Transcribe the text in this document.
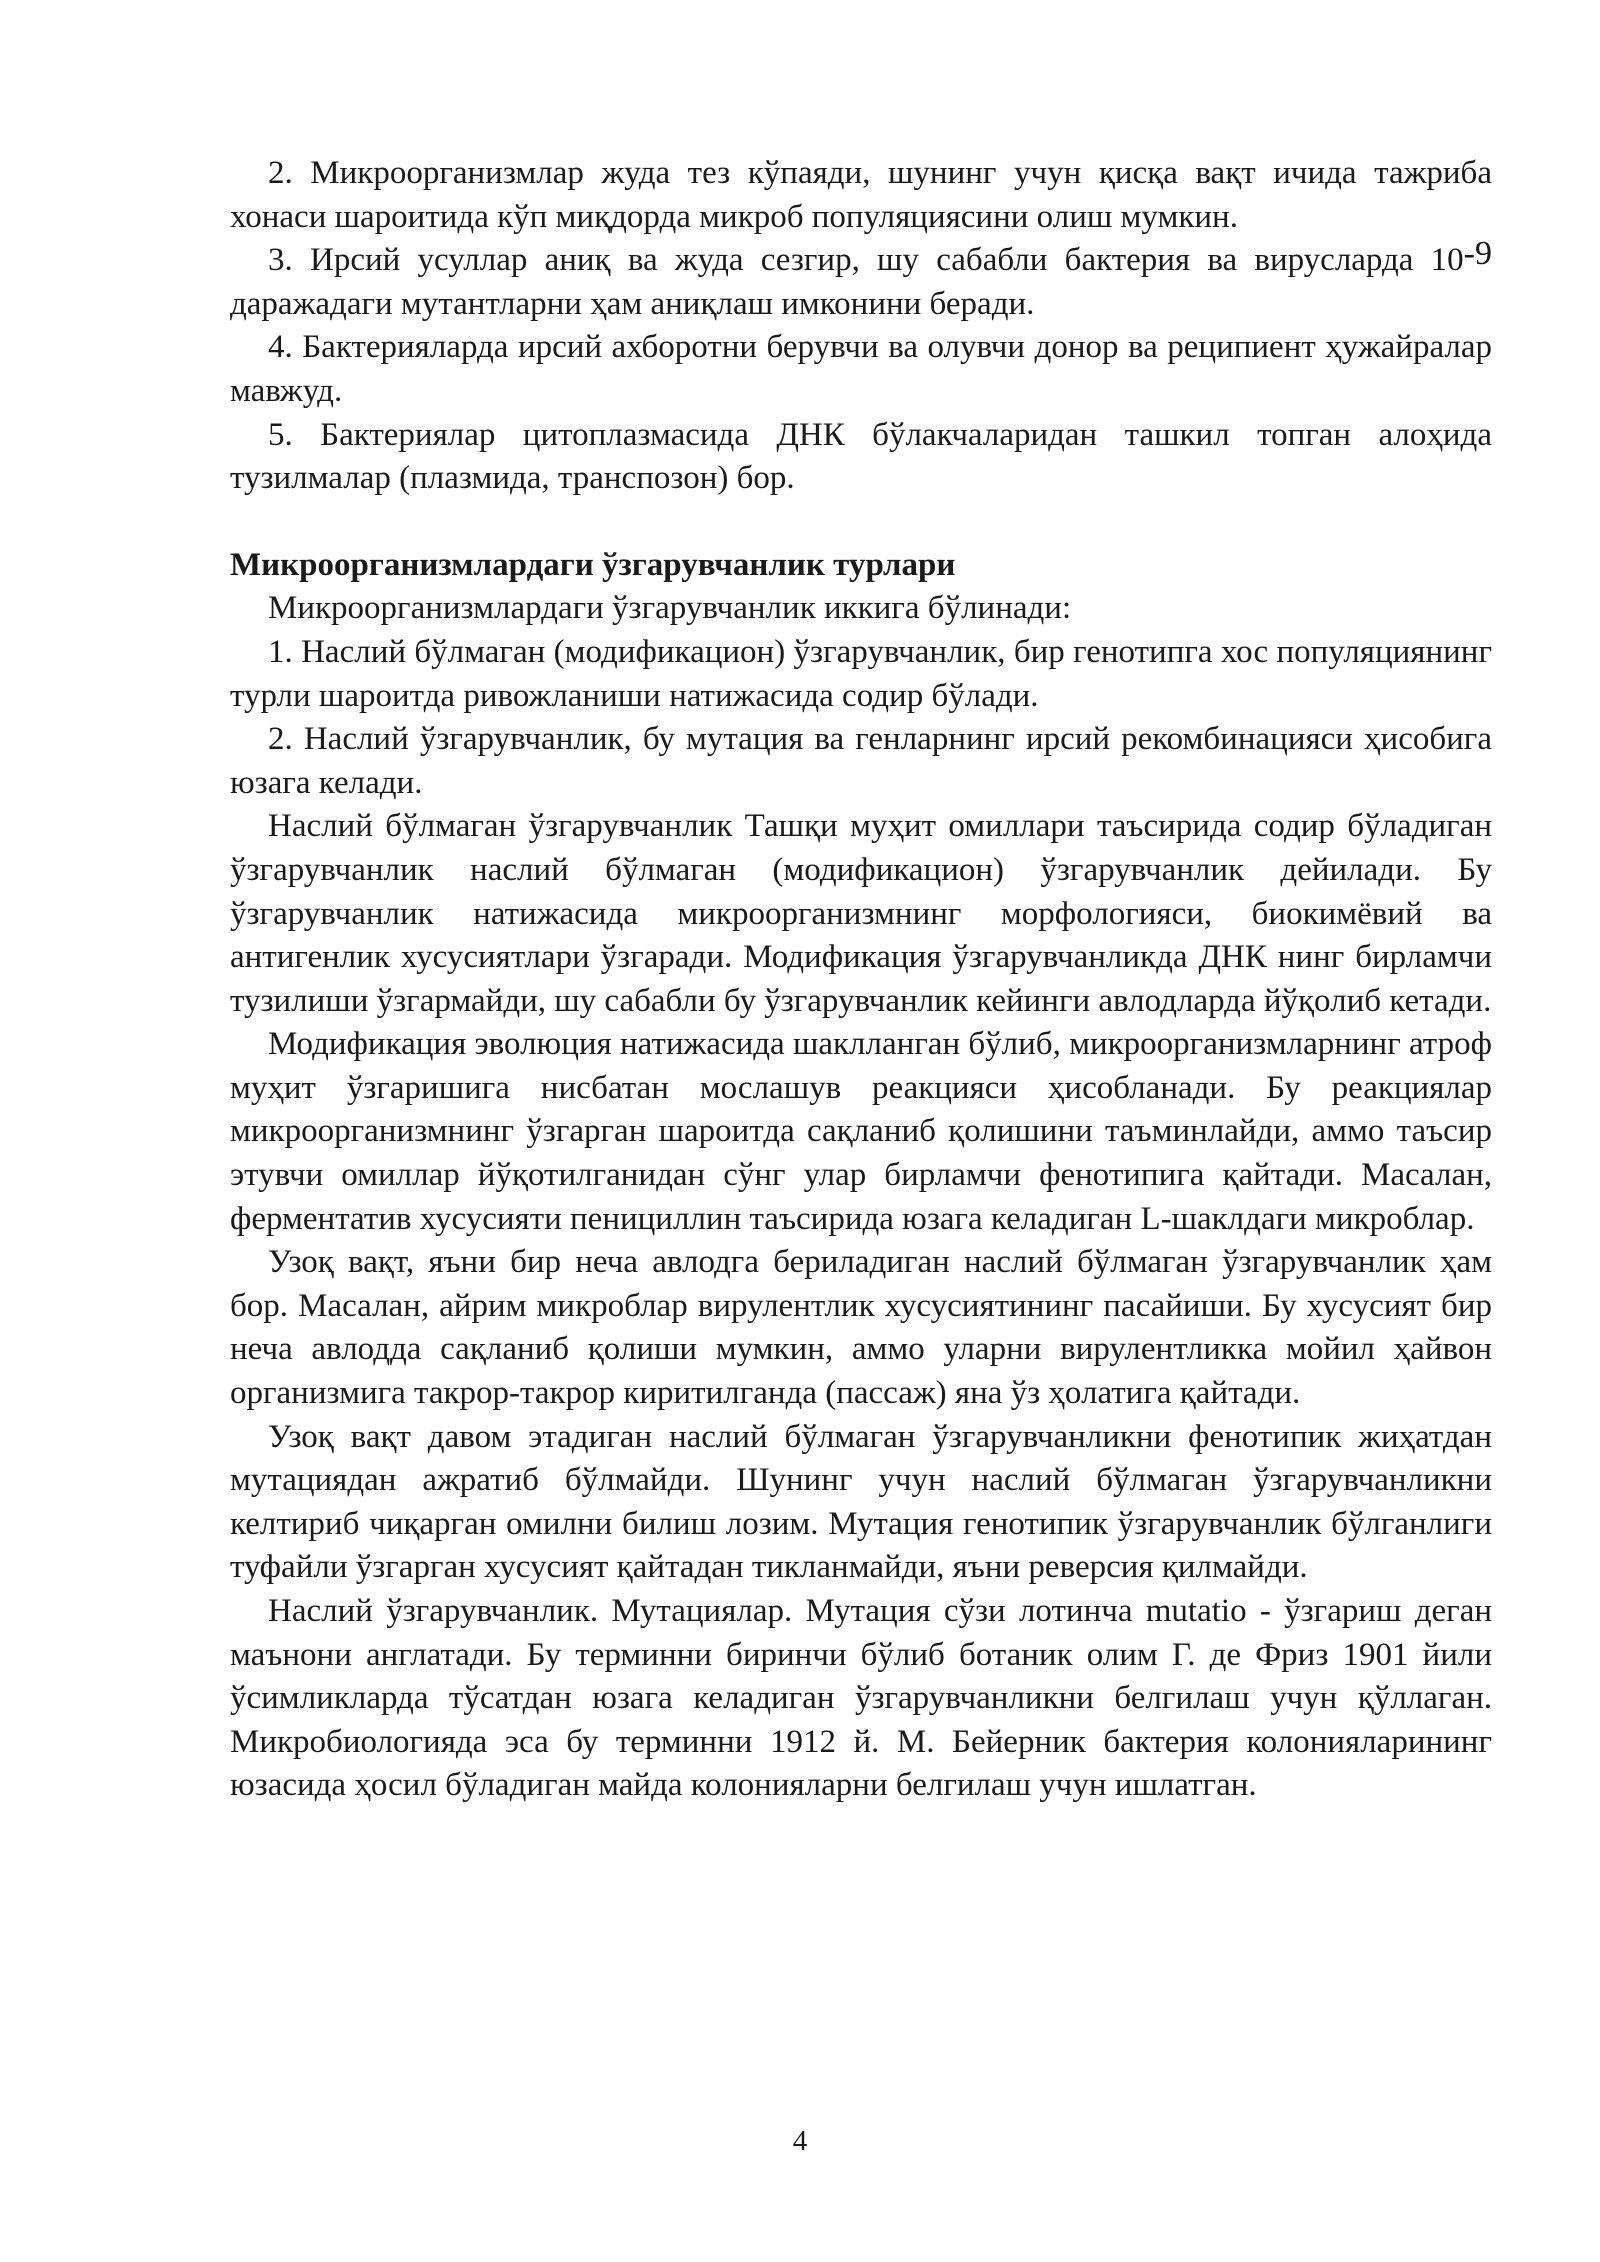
2. Микроорганизмлар жуда тез кўпаяди, шунинг учун қисқа вақт ичида тажриба хонаси шароитида кўп миқдорда микроб популяциясини олиш мумкин.

3. Ирсий усуллар аниқ ва жуда сезгир, шу сабабли бактерия ва вирусларда $10^{-9}$ даражадаги мутантларни ҳам аниқлаш имконини беради.

4. Бактерияларда ирсий ахборотни берувчи ва олувчи донор ва реципиент ҳужайралар мавжуд.

5. Бактериялар цитоплазмасида ДНК бўлакчаларидан ташкил топган алоҳида тузилмалар (плазмида, транспозон) бор.

Микроорганизмлардаги ўзгарувчанлик турлари

Микроорганизмлардаги ўзгарувчанлик иккига бўлинади:

1. Наслий бўлмаган (модификацион) ўзгарувчанлик, бир генотипга хос популяциянинг турли шароитда ривожланиши натижасида содир бўлади.

2. Наслий ўзгарувчанлик, бу мутация ва генларнинг ирсий рекомбинацияси ҳисобига юзага келади.

Наслий бўлмаган ўзгарувчанлик Ташқи муҳит омиллари таъсирида содир бўладиган ўзгарувчанлик наслий бўлмаган (модификацион) ўзгарувчанлик дейилади. Бу ўзгарувчанлик натижасида микроорганизмнинг морфологияси, биокимёвий ва антигенлик хусусиятлари ўзгаради. Модификация ўзгарувчанликда ДНК нинг бирламчи тузилиши ўзгармайди, шу сабабли бу ўзгарувчанлик кейинги авлодларда йўқолиб кетади.

Модификация эволюция натижасида шаклланган бўлиб, микроорганизмларнинг атроф муҳит ўзгаришига нисбатан мослашув реакцияси ҳисобланади. Бу реакциялар микроорганизмнинг ўзгарган шароитда сақланиб қолишини таъминлайди, аммо таъсир этувчи омиллар йўқотилганидан сўнг улар бирламчи фенотипига қайтади. Масалан, ферментатив хусусияти пенициллин таъсирида юзага келадиган L-шаклдаги микроблар.

Узоқ вақт, яъни бир неча авлодга бериладиган наслий бўлмаган ўзгарувчанлик ҳам бор. Масалан, айрим микроблар вирулентлик хусусиятининг пасайиши. Бу хусусият бир неча авлодда сақланиб қолиши мумкин, аммо уларни вирулентликка мойил ҳайвон организмига такрор-такрор киритилганда (пассаж) яна ўз ҳолатига қайтади.

Узоқ вақт давом этадиган наслий бўлмаган ўзгарувчанликни фенотипик жиҳатдан мутациядан ажратиб бўлмайди. Шунинг учун наслий бўлмаган ўзгарувчанликни келтириб чиқарган омилни билиш лозим. Мутация генотипик ўзгарувчанлик бўлганлиги туфайли ўзгарган хусусият қайтадан тикланмайди, яъни реверсия қилмайди.

Наслий ўзгарувчанлик. Мутациялар. Мутация сўзи лотинча mutatio - ўзгариш деган маънони англатади. Бу терминни биринчи бўлиб ботаник олим Г. де Фриз 1901 йили ўсимликларда тўсатдан юзага келадиган ўзгарувчанликни белгилаш учун қўллаган. Микробиологияда эса бу терминни 1912 й. М. Бейерник бактерия колонияларининг юзасида ҳосил бўладиган майда колонияларни белгилаш учун ишлатган.

4
